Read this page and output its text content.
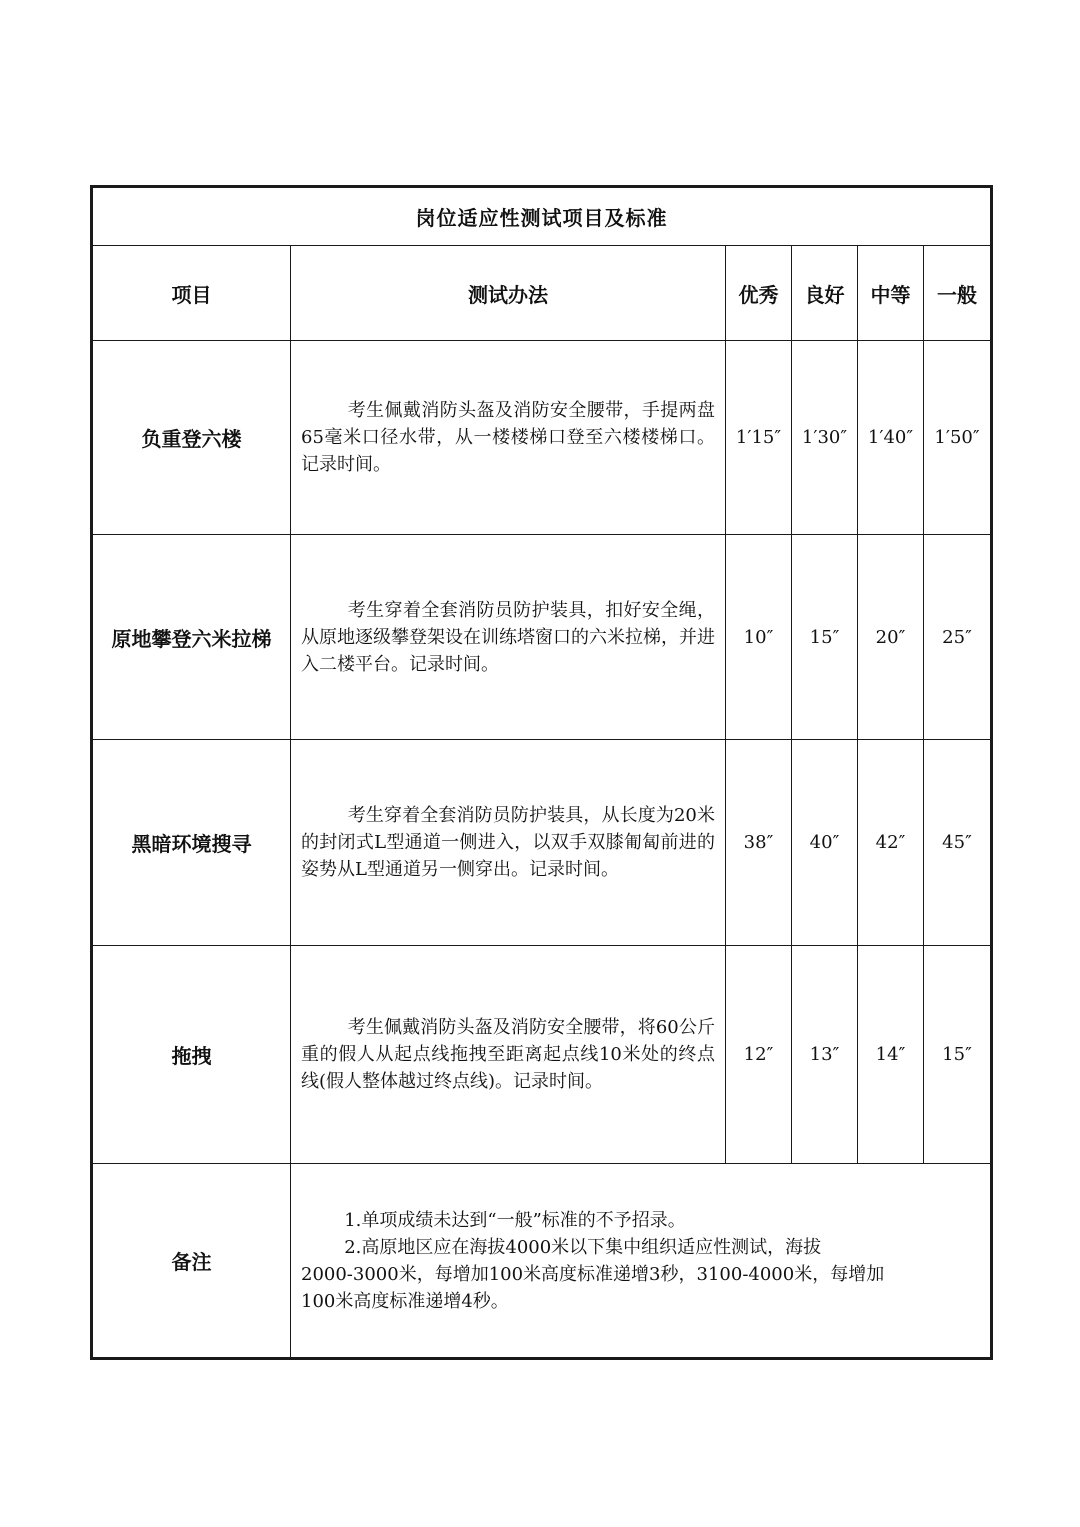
岗位适应性测试项目及标准					
项目	测试办法	优秀	良好	中等	一般
负重登六楼	考生佩戴消防头盔及消防安全腰带，手提两盘65毫米口径水带，从一楼楼梯口登至六楼楼梯口。记录时间。	1′15″	1′30″	1′40″	1′50″
原地攀登六米拉梯	考生穿着全套消防员防护装具，扣好安全绳，从原地逐级攀登架设在训练塔窗口的六米拉梯，并进入二楼平台。记录时间。	10″	15″	20″	25″
黑暗环境搜寻	考生穿着全套消防员防护装具，从长度为20米的封闭式L型通道一侧进入，以双手双膝匍匐前进的姿势从L型通道另一侧穿出。记录时间。	38″	40″	42″	45″
拖拽	考生佩戴消防头盔及消防安全腰带，将60公斤重的假人从起点线拖拽至距离起点线10米处的终点线(假人整体越过终点线)。记录时间。	12″	13″	14″	15″
备注	1.单项成绩未达到“一般”标准的不予招录。
2.高原地区应在海拔4000米以下集中组织适应性测试，海拔
2000-3000米，每增加100米高度标准递增3秒，3100-4000米，每增加
100米高度标准递增4秒。				
